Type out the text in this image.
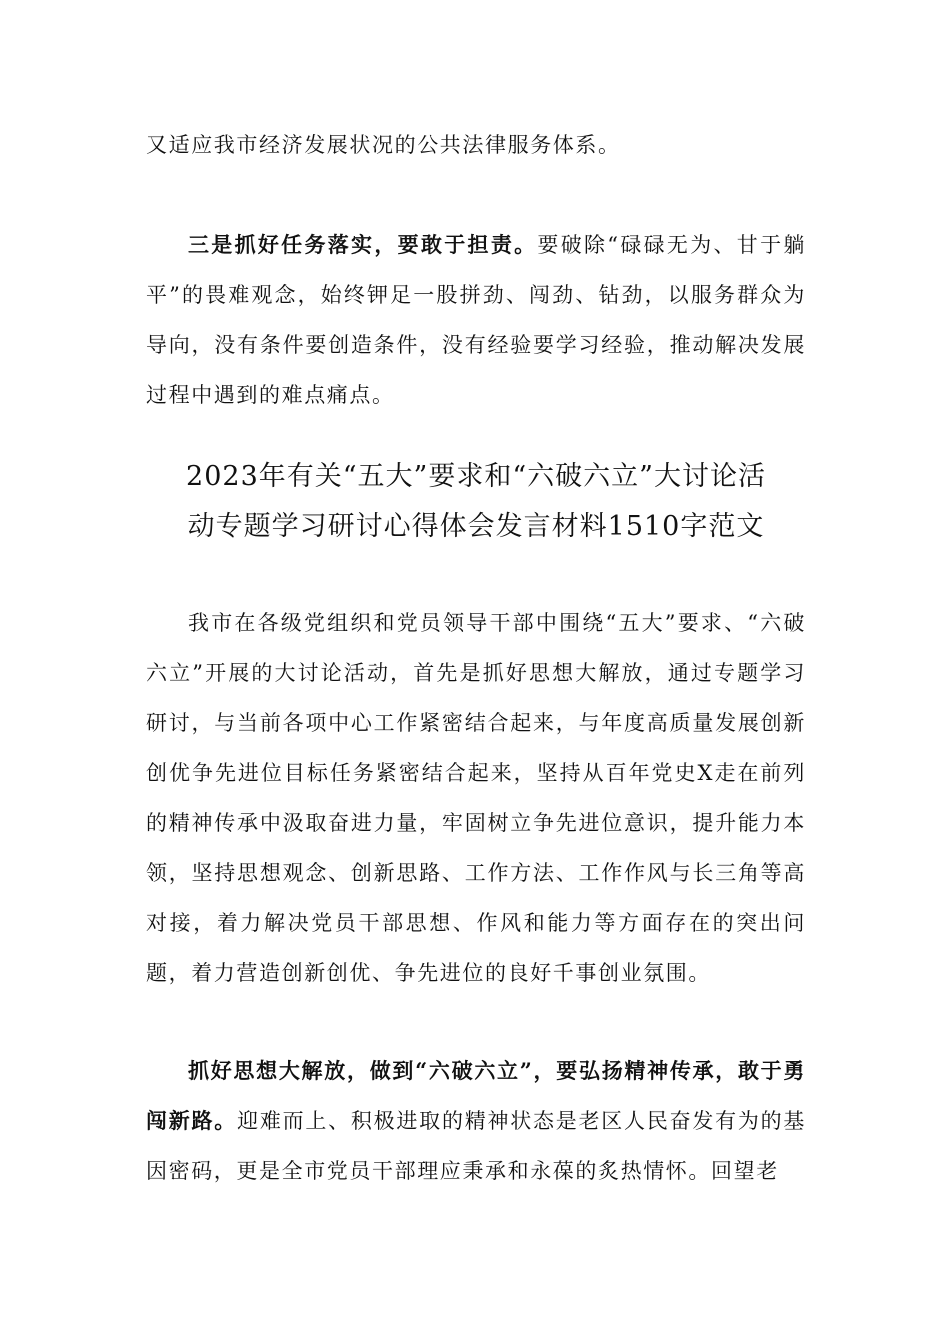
又适应我市经济发展状况的公共法律服务体系。

三是抓好任务落实，要敢于担责。要破除“碌碌无为、甘于躺平”的畏难观念，始终钾足一股拼劲、闯劲、钻劲，以服务群众为导向，没有条件要创造条件，没有经验要学习经验，推动解决发展过程中遇到的难点痛点。

2023年有关“五大”要求和“六破六立”大讨论活
动专题学习研讨心得体会发言材料1510字范文

我市在各级党组织和党员领导干部中围绕“五大”要求、“六破六立”开展的大讨论活动，首先是抓好思想大解放，通过专题学习研讨，与当前各项中心工作紧密结合起来，与年度高质量发展创新创优争先进位目标任务紧密结合起来，坚持从百年党史X走在前列的精神传承中汲取奋进力量，牢固树立争先进位意识，提升能力本领，坚持思想观念、创新思路、工作方法、工作作风与长三角等高对接，着力解决党员干部思想、作风和能力等方面存在的突出问题，着力营造创新创优、争先进位的良好千事创业氛围。

抓好思想大解放，做到“六破六立”，要弘扬精神传承，敢于勇闯新路。迎难而上、积极进取的精神状态是老区人民奋发有为的基因密码，更是全市党员干部理应秉承和永葆的炙热情怀。回望老
